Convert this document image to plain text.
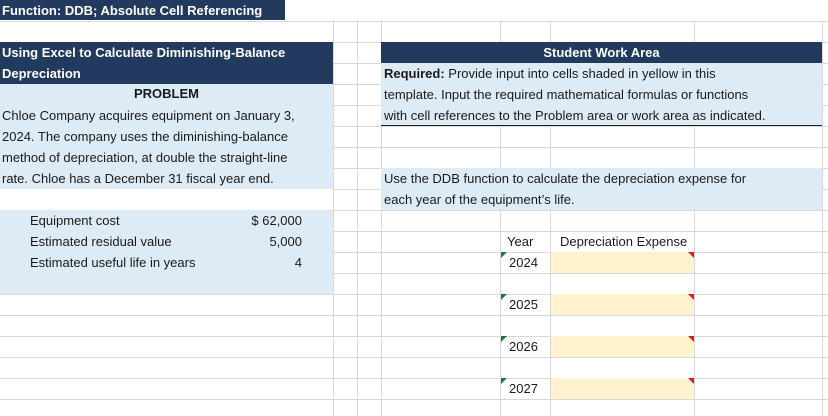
Function: DDB; Absolute Cell Referencing
Using Excel to Calculate Diminishing-Balance
Depreciation
PROBLEM
Chloe Company acquires equipment on January 3,
2024. The company uses the diminishing-balance
method of depreciation, at double the straight-line
rate. Chloe has a December 31 fiscal year end.
Equipment cost	$ 62,000
Estimated residual value	5,000
Estimated useful life in years	4
Student Work Area
Required: Provide input into cells shaded in yellow in this
template. Input the required mathematical formulas or functions
with cell references to the Problem area or work area as indicated.
Use the DDB function to calculate the depreciation expense for
each year of the equipment’s life.
Year Depreciation Expense
2024
2025
2026
2027
